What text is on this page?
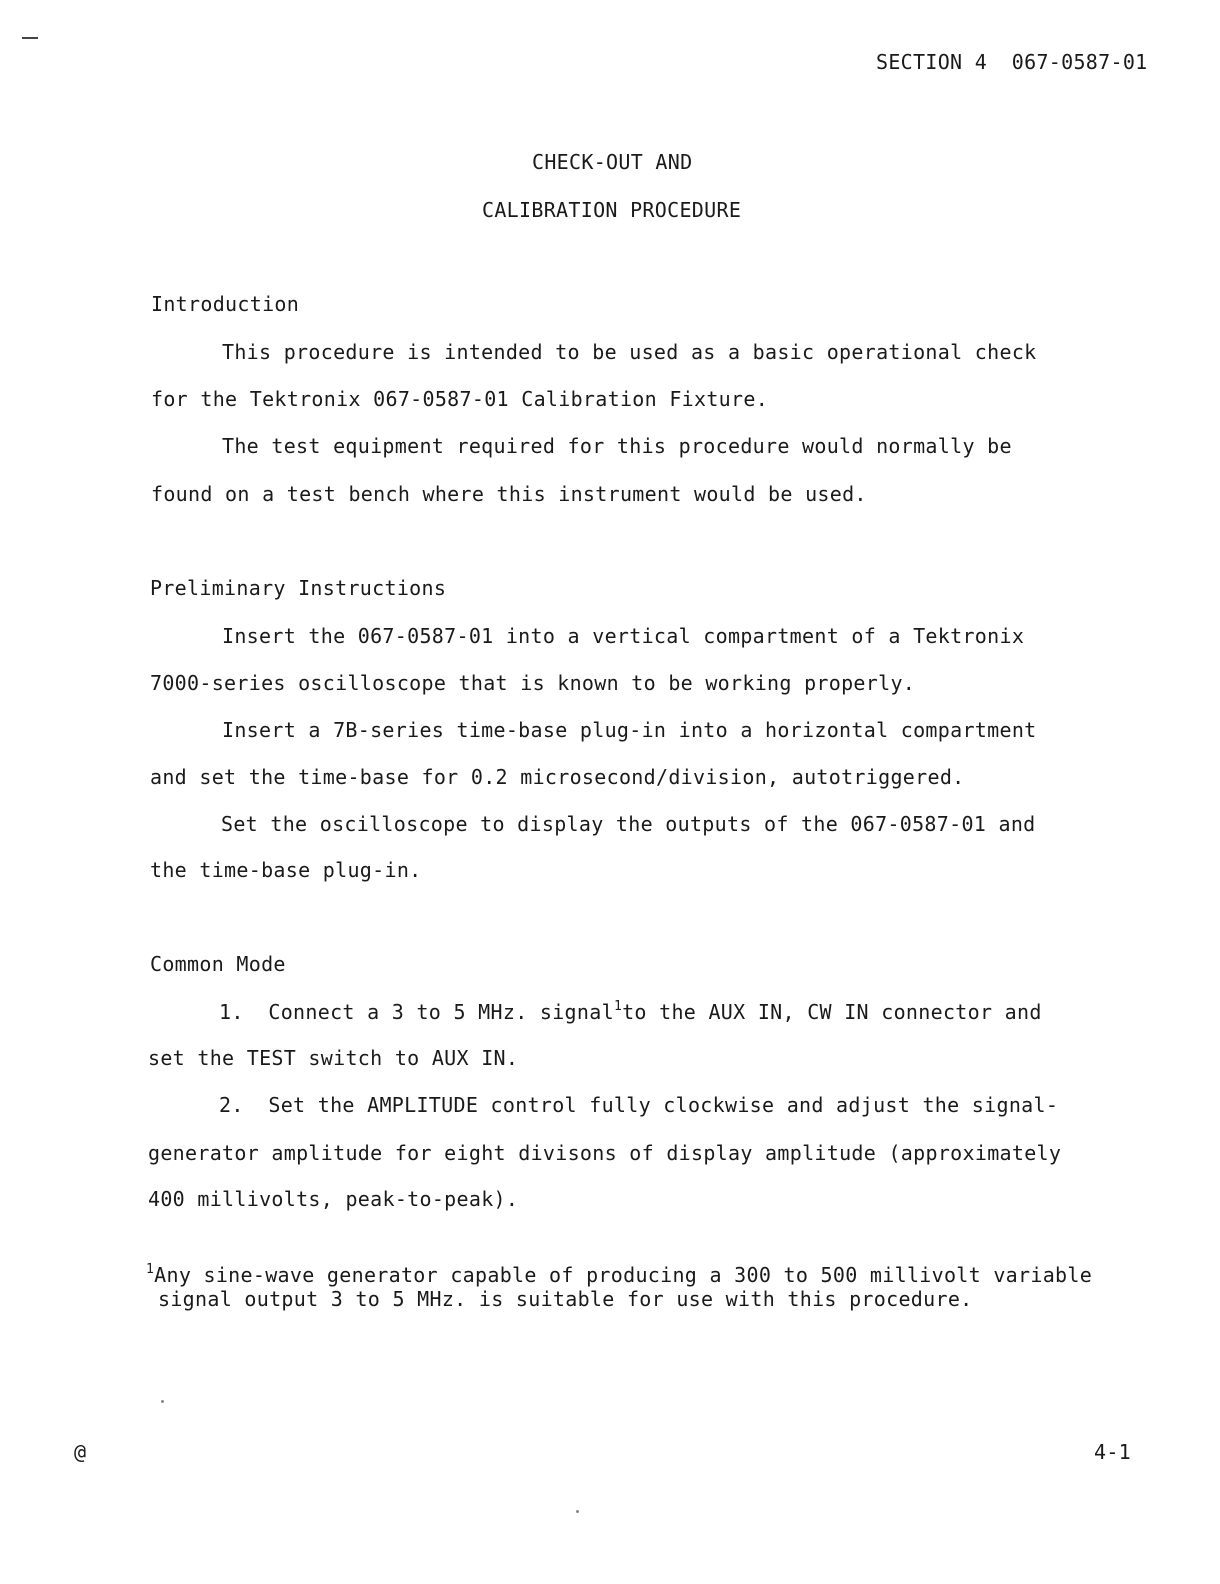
SECTION 4 067-0587-01
CHECK-OUT AND
CALIBRATION PROCEDURE
Introduction
This procedure is intended to be used as a basic operational check
for the Tektronix 067-0587-01 Calibration Fixture.
The test equipment required for this procedure would normally be
found on a test bench where this instrument would be used.
Preliminary Instructions
Insert the 067-0587-01 into a vertical compartment of a Tektronix
7000-series oscilloscope that is known to be working properly.
Insert a 7B-series time-base plug-in into a horizontal compartment
and set the time-base for 0.2 microsecond/division, autotriggered.
Set the oscilloscope to display the outputs of the 067-0587-01 and
the time-base plug-in.
Common Mode
1. Connect a 3 to 5 MHz. signal$^1$to the AUX IN, CW IN connector and
set the TEST switch to AUX IN.
2. Set the AMPLITUDE control fully clockwise and adjust the signal-
generator amplitude for eight divisons of display amplitude (approximately
400 millivolts, peak-to-peak).
$^1$Any sine-wave generator capable of producing a 300 to 500 millivolt variable
signal output 3 to 5 MHz. is suitable for use with this procedure.
@	4-1
